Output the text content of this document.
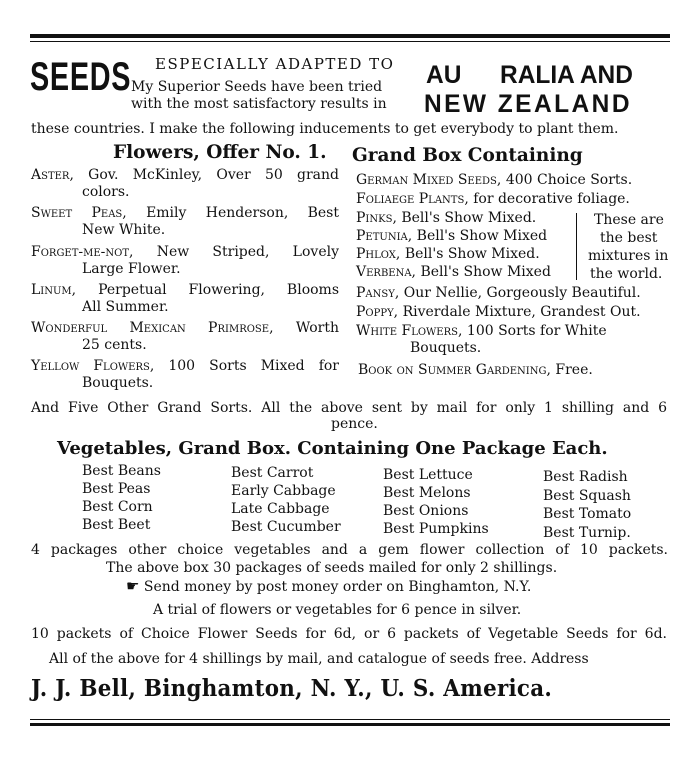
SEEDS ESPECIALLY ADAPTED TO AU RALIA AND
My Superior Seeds have been tried
with the most satisfactory results in NEW ZEALAND
these countries. I make the following inducements to get everybody to plant them.
Flowers, Offer No. 1.
Aster, Gov. McKinley, Over 50 grand
colors.
Sweet Peas, Emily Henderson, Best
New White.
Forget-me-not, New Striped, Lovely
Large Flower.
Linum, Perpetual Flowering, Blooms
All Summer.
Wonderful Mexican Primrose, Worth
25 cents.
Yellow Flowers, 100 Sorts Mixed for
Bouquets.
Grand Box Containing
German Mixed Seeds, 400 Choice Sorts.
Foliaege Plants, for decorative foliage.
Pinks, Bell's Show Mixed.
Petunia, Bell's Show Mixed
Phlox, Bell's Show Mixed.
Verbena, Bell's Show Mixed
These are
the best
mixtures in
the world.
Pansy, Our Nellie, Gorgeously Beautiful.
Poppy, Riverdale Mixture, Grandest Out.
White Flowers, 100 Sorts for White
Bouquets.
Book on Summer Gardening, Free.
And Five Other Grand Sorts. All the above sent by mail for only 1 shilling and 6
pence.
Vegetables, Grand Box. Containing One Package Each.
Best Beans
Best Peas
Best Corn
Best Beet
Best Carrot
Early Cabbage
Late Cabbage
Best Cucumber
Best Lettuce
Best Melons
Best Onions
Best Pumpkins
Best Radish
Best Squash
Best Tomato
Best Turnip.
4 packages other choice vegetables and a gem flower collection of 10 packets.
The above box 30 packages of seeds mailed for only 2 shillings.
☛ Send money by post money order on Binghamton, N.Y.
A trial of flowers or vegetables for 6 pence in silver.
10 packets of Choice Flower Seeds for 6d, or 6 packets of Vegetable Seeds for 6d.
All of the above for 4 shillings by mail, and catalogue of seeds free. Address
J. J. Bell, Binghamton, N. Y., U. S. America.
